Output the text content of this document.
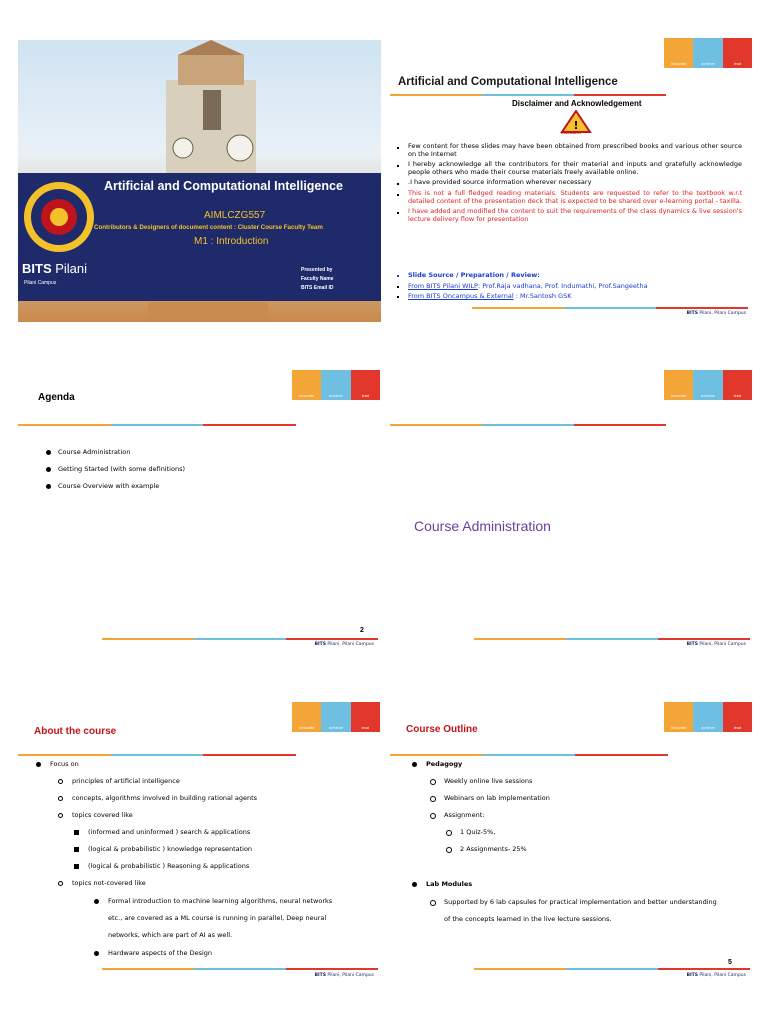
Artificial and Computational Intelligence
AIMLCZG557
Contributors & Designers of document content : Cluster Course Faculty Team
M1 : Introduction
BITS Pilani
Pilani Campus
Presented by
Faculty Name
BITS Email ID
innovate	achieve	lead
Artificial and Computational Intelligence
Disclaimer and Acknowledgement
!
Disclaimer
Few content for these slides may have been obtained from prescribed books and various other source on the Internet
I hereby acknowledge all the contributors for their material and inputs and gratefully acknowledge people others who made their course materials freely available online.
.I have provided source information wherever necessary
This is not a full fledged reading materials. Students are requested to refer to the textbook w.r.t detailed content of the presentation deck that is expected to be shared over e-learning portal - taxilla.
I have added and modified the content to suit the requirements of the class dynamics & live session's lecture delivery flow for presentation
Slide Source / Preparation / Review:
From BITS Pilani WILP: Prof.Raja vadhana, Prof. Indumathi, Prof.Sangeetha
From BITS Oncampus & External : Mr.Santosh GSK
BITS Pilani, Pilani Campus
innovate	achieve	lead
Agenda
Course Administration
Getting Started (with some definitions)
Course Overview with example
2
BITS Pilani, Pilani Campus
innovate	achieve	lead
Course Administration
BITS Pilani, Pilani Campus
innovate	achieve	lead
About the course
Focus on
principles of artificial intelligence
concepts, algorithms involved in building rational agents
topics covered like
(informed and uninformed ) search & applications
(logical & probabilistic ) knowledge representation
(logical & probabilistic ) Reasoning & applications
topics not-covered like
Formal introduction to machine learning algorithms, neural networks etc., are covered as a ML course is running in parallel, Deep neural networks, which are part of AI as well.
Hardware aspects of the Design
BITS Pilani, Pilani Campus
innovate	achieve	lead
Course Outline
Pedagogy
Weekly online live sessions
Webinars on lab implementation
Assignment:
1 Quiz-5%,
2 Assignments- 25%
Lab Modules
Supported by 6 lab capsules for practical implementation and better understanding of the concepts learned in the live lecture sessions.
5
BITS Pilani, Pilani Campus
